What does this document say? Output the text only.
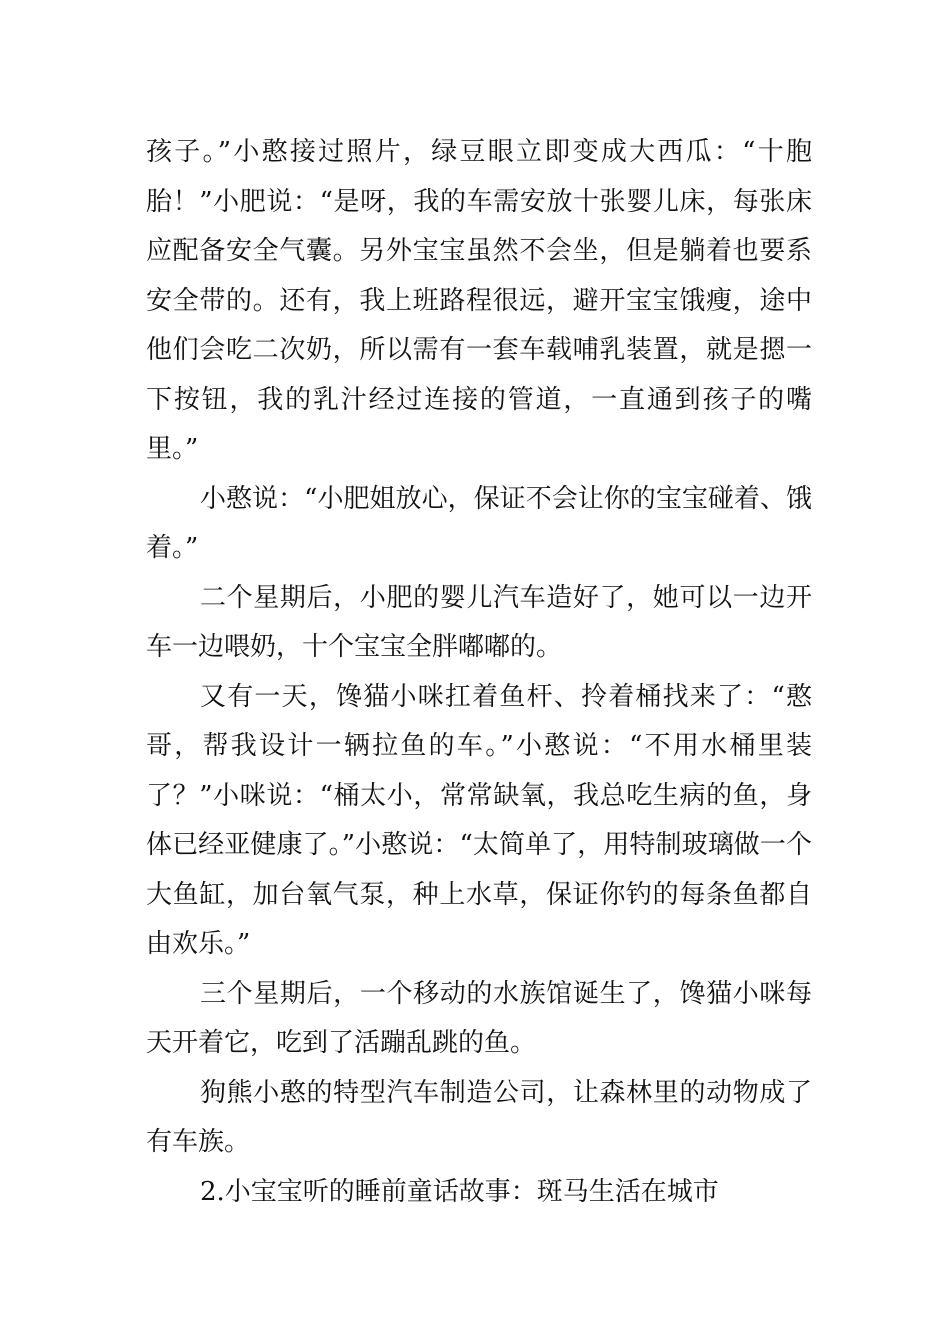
孩子。”小憨接过照片，绿豆眼立即变成大西瓜：“十胞胎！”小肥说：“是呀，我的车需安放十张婴儿床，每张床应配备安全气囊。另外宝宝虽然不会坐，但是躺着也要系安全带的。还有，我上班路程很远，避开宝宝饿瘦，途中他们会吃二次奶，所以需有一套车载哺乳装置，就是摁一下按钮，我的乳汁经过连接的管道，一直通到孩子的嘴里。”

小憨说：“小肥姐放心，保证不会让你的宝宝碰着、饿着。”

二个星期后，小肥的婴儿汽车造好了，她可以一边开车一边喂奶，十个宝宝全胖嘟嘟的。

又有一天，馋猫小咪扛着鱼杆、拎着桶找来了：“憨哥，帮我设计一辆拉鱼的车。”小憨说：“不用水桶里装了？”小咪说：“桶太小，常常缺氧，我总吃生病的鱼，身体已经亚健康了。”小憨说：“太简单了，用特制玻璃做一个大鱼缸，加台氧气泵，种上水草，保证你钓的每条鱼都自由欢乐。”

三个星期后，一个移动的水族馆诞生了，馋猫小咪每天开着它，吃到了活蹦乱跳的鱼。

狗熊小憨的特型汽车制造公司，让森林里的动物成了有车族。

2.小宝宝听的睡前童话故事：斑马生活在城市
